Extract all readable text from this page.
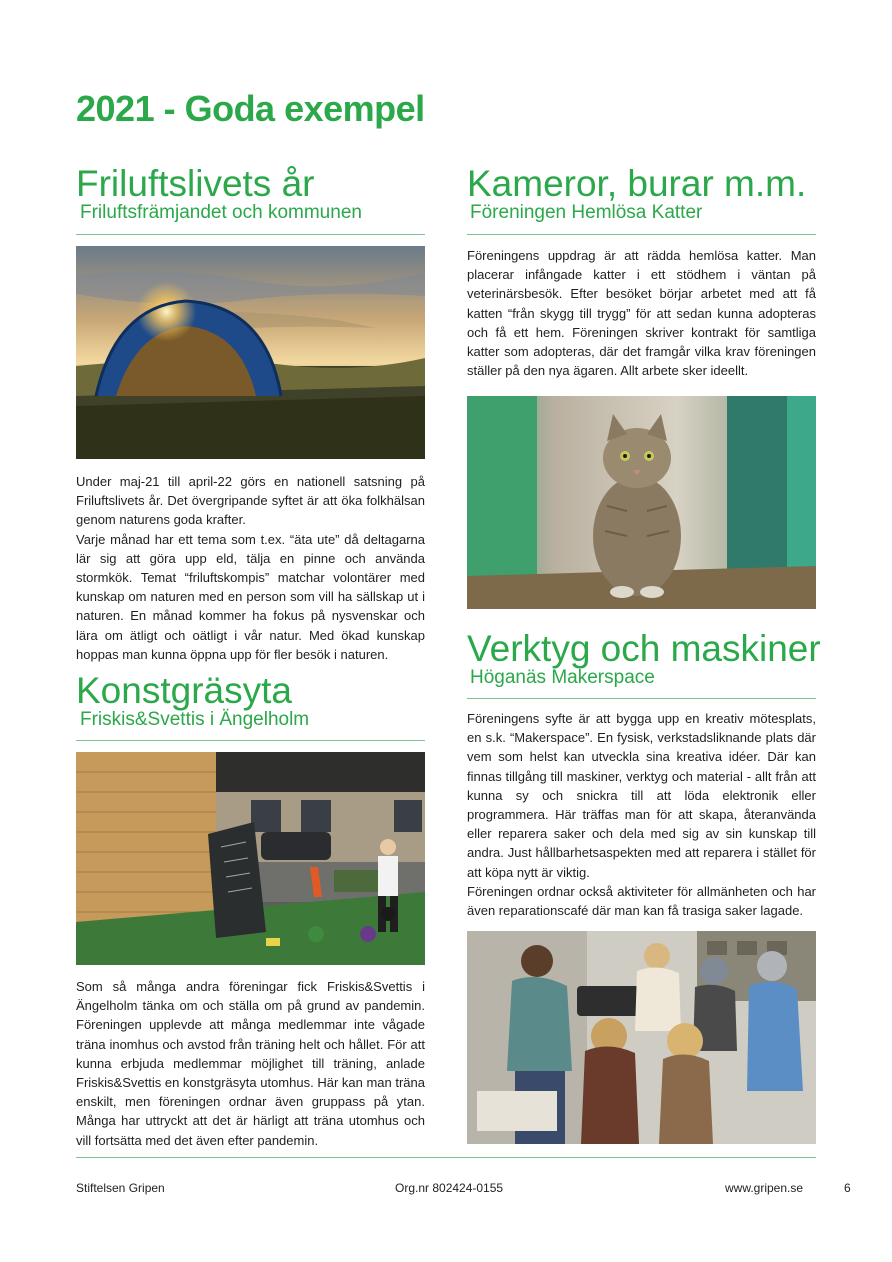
2021 - Goda exempel
Friluftslivets år
Friluftsfrämjandet och kommunen

Under maj-21 till april-22 görs en nationell satsning på Friluftslivets år. Det övergripande syftet är att öka folkhälsan genom naturens goda krafter.

Varje månad har ett tema som t.ex. “äta ute” då deltagarna lär sig att göra upp eld, tälja en pinne och använda stormkök. Temat “friluftskompis” matchar volontärer med kunskap om naturen med en person som vill ha sällskap ut i naturen. En månad kommer ha fokus på nysvenskar och lära om ätligt och oätligt i vår natur. Med ökad kunskap hoppas man kunna öppna upp för fler besök i naturen.

Konstgräsyta
Friskis&Svettis i Ängelholm

Som så många andra föreningar fick Friskis&Svettis i Ängelholm tänka om och ställa om på grund av pandemin. Föreningen upplevde att många medlemmar inte vågade träna inomhus och avstod från träning helt och hållet. För att kunna erbjuda medlemmar möjlighet till träning, anlade Friskis&Svettis en konstgräsyta utomhus. Här kan man träna enskilt, men föreningen ordnar även gruppass på ytan. Många har uttryckt att det är härligt att träna utomhus och vill fortsätta med det även efter pandemin.

Kameror, burar m.m.
Föreningen Hemlösa Katter

Föreningens uppdrag är att rädda hemlösa katter. Man placerar infångade katter i ett stödhem i väntan på veterinärsbesök. Efter besöket börjar arbetet med att få katten “från skygg till trygg” för att sedan kunna adopteras och få ett hem. Föreningen skriver kontrakt för samtliga katter som adopteras, där det framgår vilka krav föreningen ställer på den nya ägaren. Allt arbete sker ideellt.

Verktyg och maskiner
Höganäs Makerspace

Föreningens syfte är att bygga upp en kreativ mötesplats, en s.k. “Makerspace”. En fysisk, verkstadsliknande plats där vem som helst kan utveckla sina kreativa idéer. Där kan finnas tillgång till maskiner, verktyg och material - allt från att kunna sy och snickra till att löda elektronik eller programmera. Här träffas man för att skapa, återanvända eller reparera saker och dela med sig av sin kunskap till andra. Just hållbarhetsaspekten med att reparera i stället för att köpa nytt är viktig.

Föreningen ordnar också aktiviteter för allmänheten och har även reparationscafé där man kan få trasiga saker lagade.

Stiftelsen Gripen	Org.nr 802424-0155	www.gripen.se	6
